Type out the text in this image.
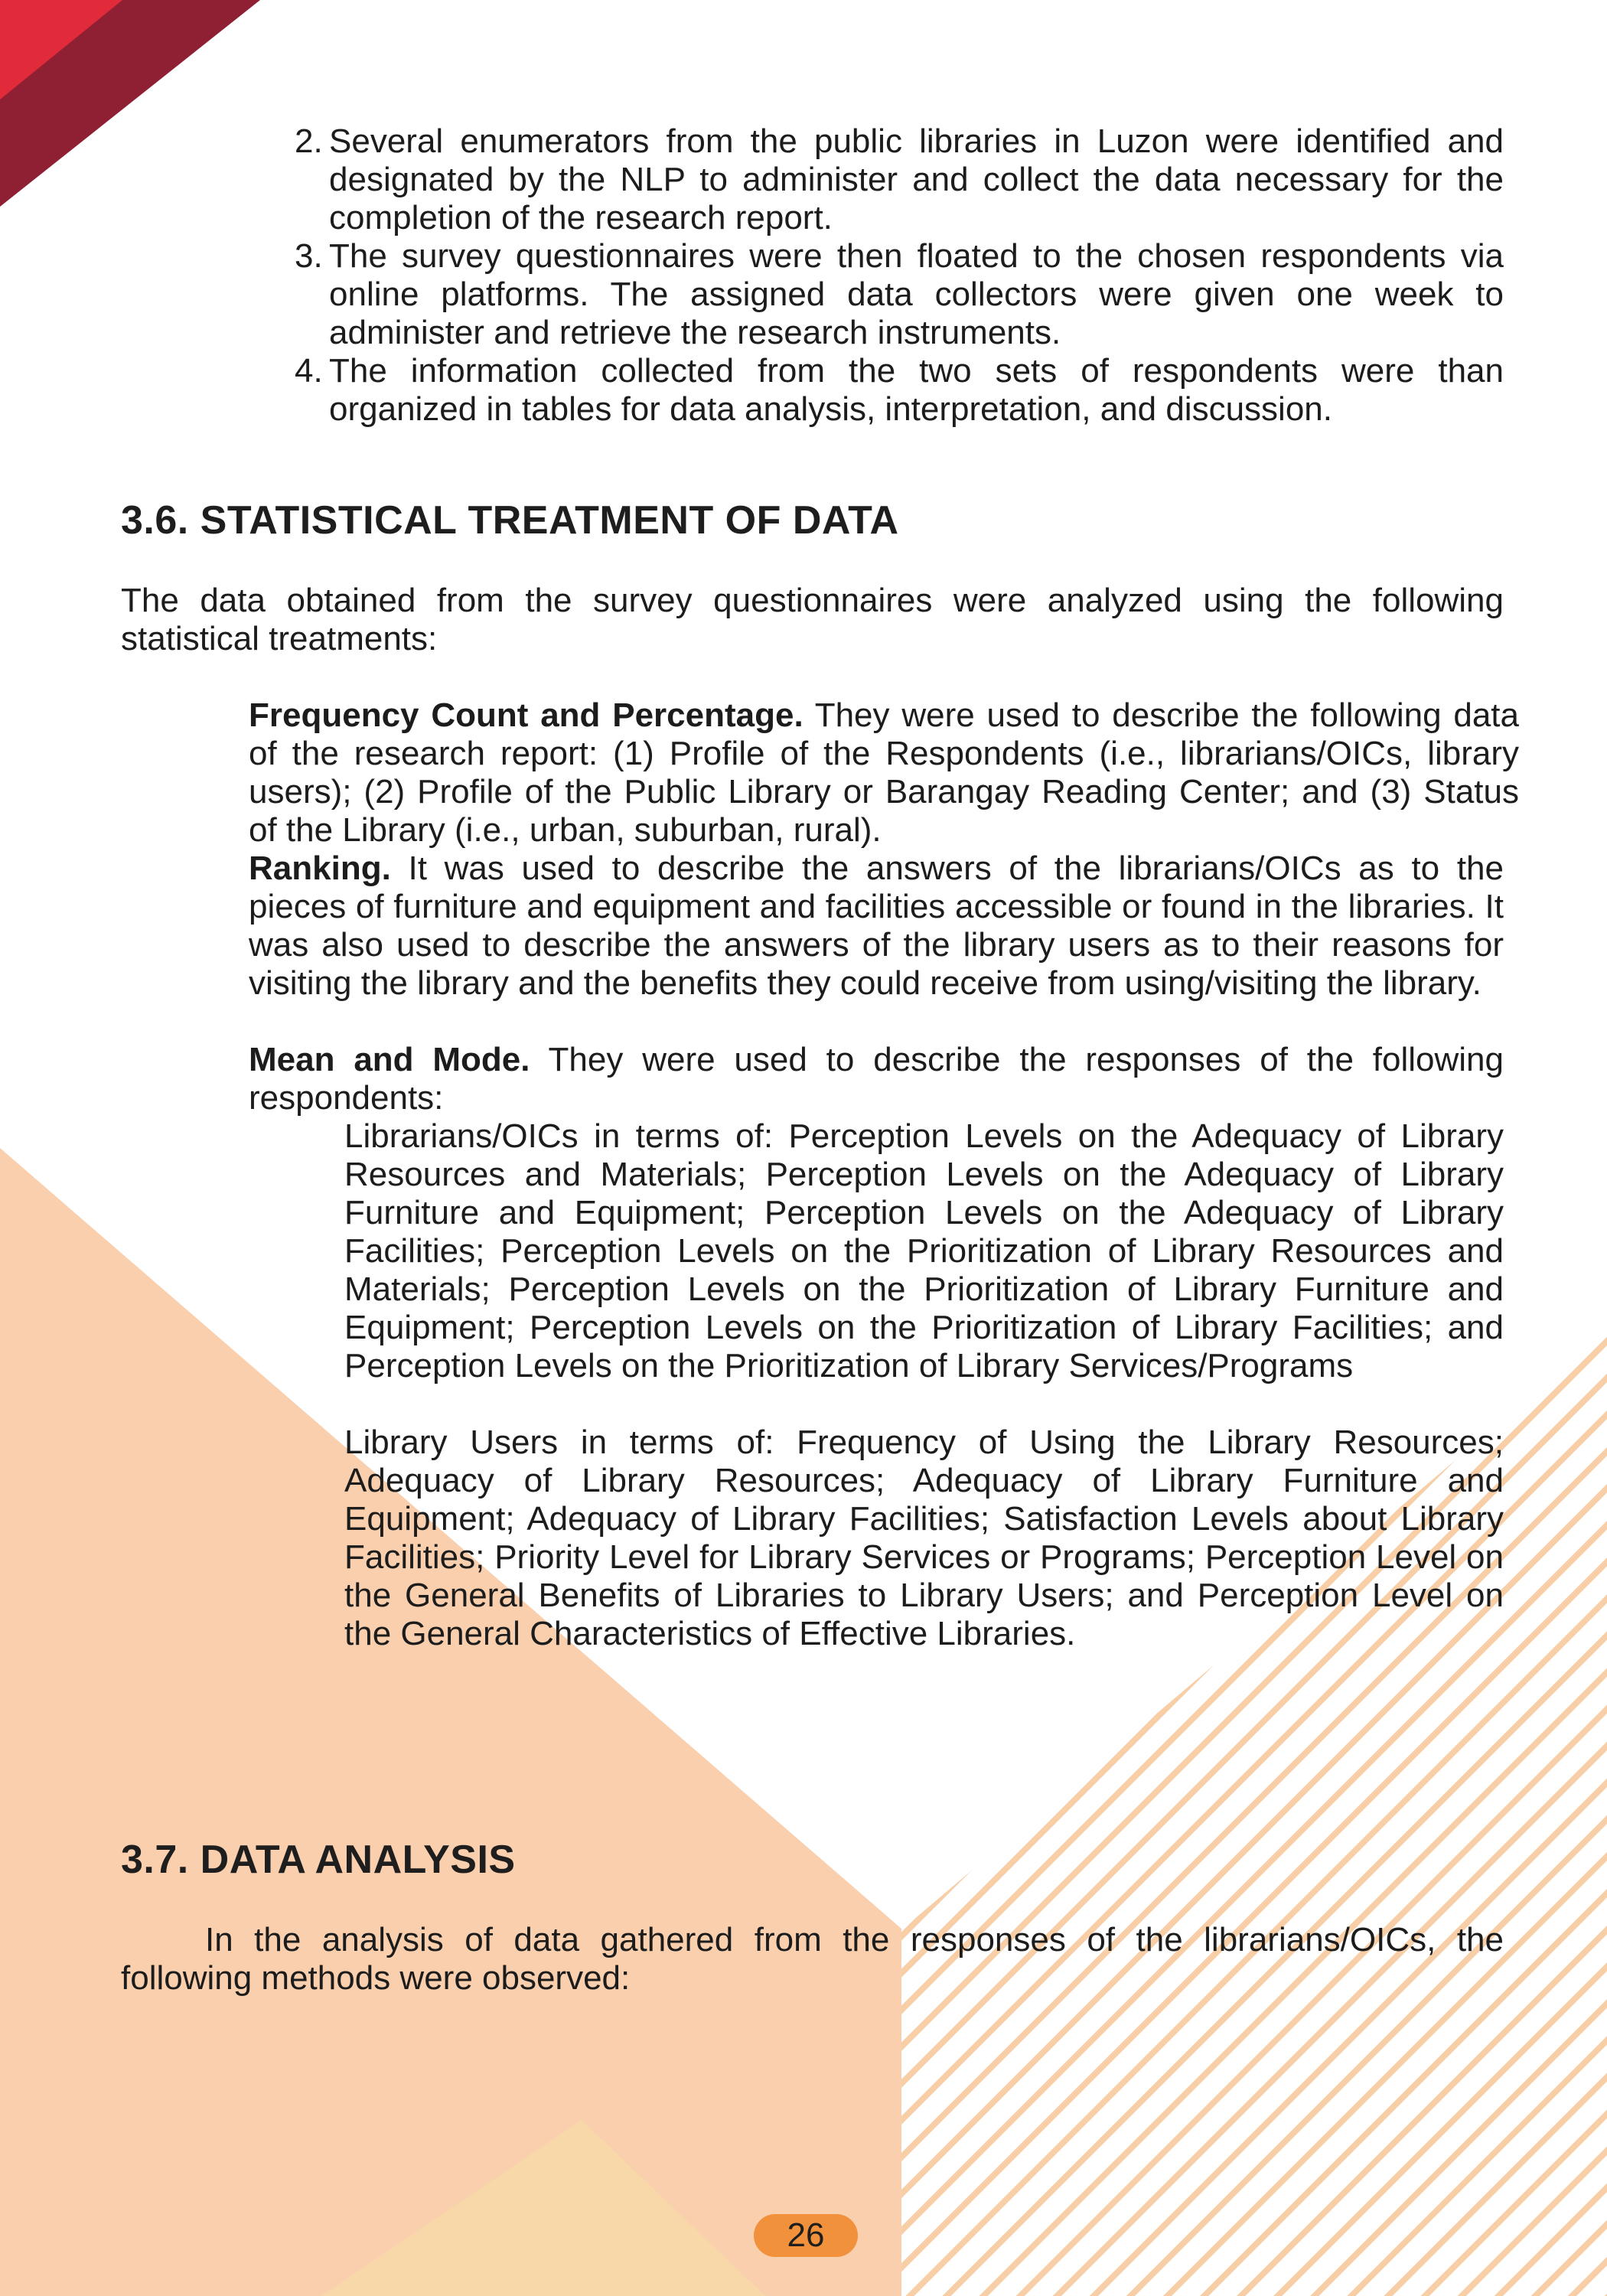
2. Several enumerators from the public libraries in Luzon were identified and designated by the NLP to administer and collect the data necessary for the completion of the research report.
3. The survey questionnaires were then floated to the chosen respondents via online platforms. The assigned data collectors were given one week to administer and retrieve the research instruments.
4. The information collected from the two sets of respondents were than organized in tables for data analysis, interpretation, and discussion.
3.6. STATISTICAL TREATMENT OF DATA
The data obtained from the survey questionnaires were analyzed using the following statistical treatments:
Frequency Count and Percentage. They were used to describe the following data of the research report: (1) Profile of the Respondents (i.e., librarians/OICs, library users); (2) Profile of the Public Library or Barangay Reading Center; and (3) Status of the Library (i.e., urban, suburban, rural).
Ranking. It was used to describe the answers of the librarians/OICs as to the pieces of furniture and equipment and facilities accessible or found in the libraries. It was also used to describe the answers of the library users as to their reasons for visiting the library and the benefits they could receive from using/visiting the library.
Mean and Mode. They were used to describe the responses of the following respondents:
Librarians/OICs in terms of: Perception Levels on the Adequacy of Library Resources and Materials; Perception Levels on the Adequacy of Library Furniture and Equipment; Perception Levels on the Adequacy of Library Facilities; Perception Levels on the Prioritization of Library Resources and Materials; Perception Levels on the Prioritization of Library Furniture and Equipment; Perception Levels on the Prioritization of Library Facilities; and Perception Levels on the Prioritization of Library Services/Programs
Library Users in terms of: Frequency of Using the Library Resources; Adequacy of Library Resources; Adequacy of Library Furniture and Equipment; Adequacy of Library Facilities; Satisfaction Levels about Library Facilities; Priority Level for Library Services or Programs; Perception Level on the General Benefits of Libraries to Library Users; and Perception Level on the General Characteristics of Effective Libraries.
3.7. DATA ANALYSIS
In the analysis of data gathered from the responses of the librarians/OICs, the following methods were observed:
26
